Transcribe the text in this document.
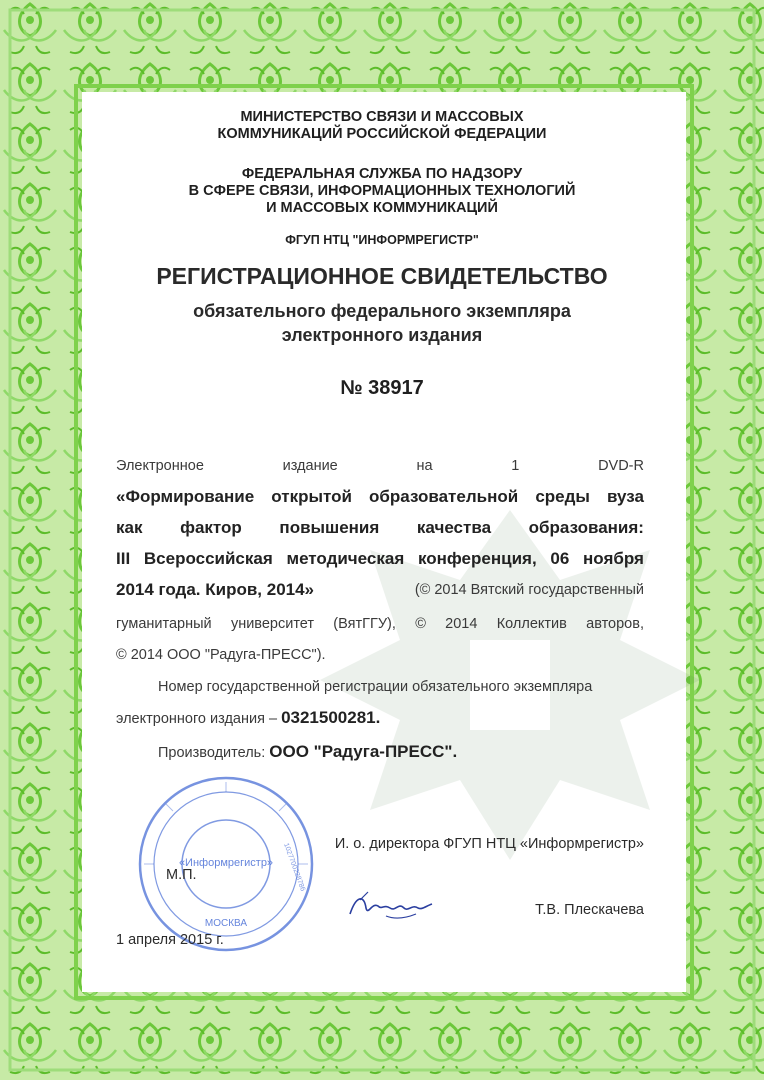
МИНИСТЕРСТВО СВЯЗИ И МАССОВЫХ
КОММУНИКАЦИЙ РОССИЙСКОЙ ФЕДЕРАЦИИ
ФЕДЕРАЛЬНАЯ СЛУЖБА ПО НАДЗОРУ
В СФЕРЕ СВЯЗИ, ИНФОРМАЦИОННЫХ ТЕХНОЛОГИЙ
И МАССОВЫХ КОММУНИКАЦИЙ
ФГУП НТЦ "ИНФОРМРЕГИСТР"
РЕГИСТРАЦИОННОЕ СВИДЕТЕЛЬСТВО
обязательного федерального экземпляра
электронного издания
№ 38917
Электронное	издание	на	1	DVD-R
«Формирование открытой образовательной среды вуза
как фактор повышения качества образования:
III Всероссийская методическая конференция, 06 ноября
2014 года. Киров, 2014»	(© 2014 Вятский государственный
гуманитарный университет (ВятГГУ), © 2014 Коллектив авторов,
© 2014 ООО "Радуга-ПРЕСС").
Номер государственной регистрации обязательного экземпляра
электронного издания – 0321500281.
Производитель: ООО "Радуга-ПРЕСС".
«Информрегистр»
МОСКВА
1027700228786	И. о. директора ФГУП НТЦ «Информрегистр»
М.П.
Т.В. Плескачева
1 апреля 2015 г.
